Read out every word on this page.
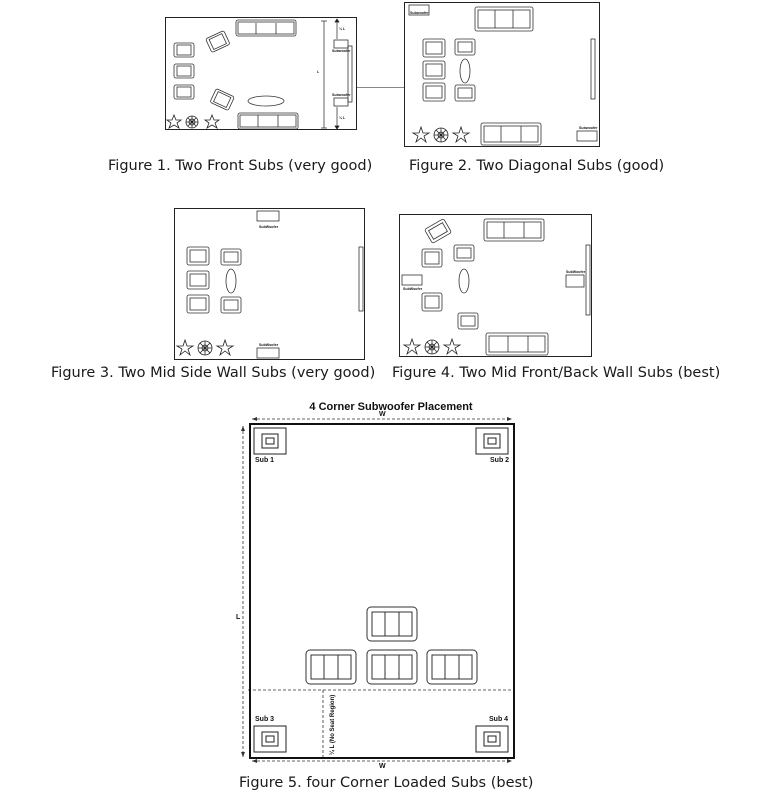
¼ L
L
¼ L
Subwoofer
Subwoofer
Subwoofer
Subwoofer
Figure 1. Two Front Subs (very good)	Figure 2. Two Diagonal Subs (good)
SubWoofer
SubWoofer
SubWoofer
SubWoofer
Figure 3. Two Mid Side Wall Subs (very good) Figure 4. Two Mid Front/Back Wall Subs (best)
4 Corner Subwoofer Placement
W
W
L
Sub 1	Sub 2
Sub 3	Sub 4
¼ L (No Seat Region)
Figure 5. four Corner Loaded Subs (best)
